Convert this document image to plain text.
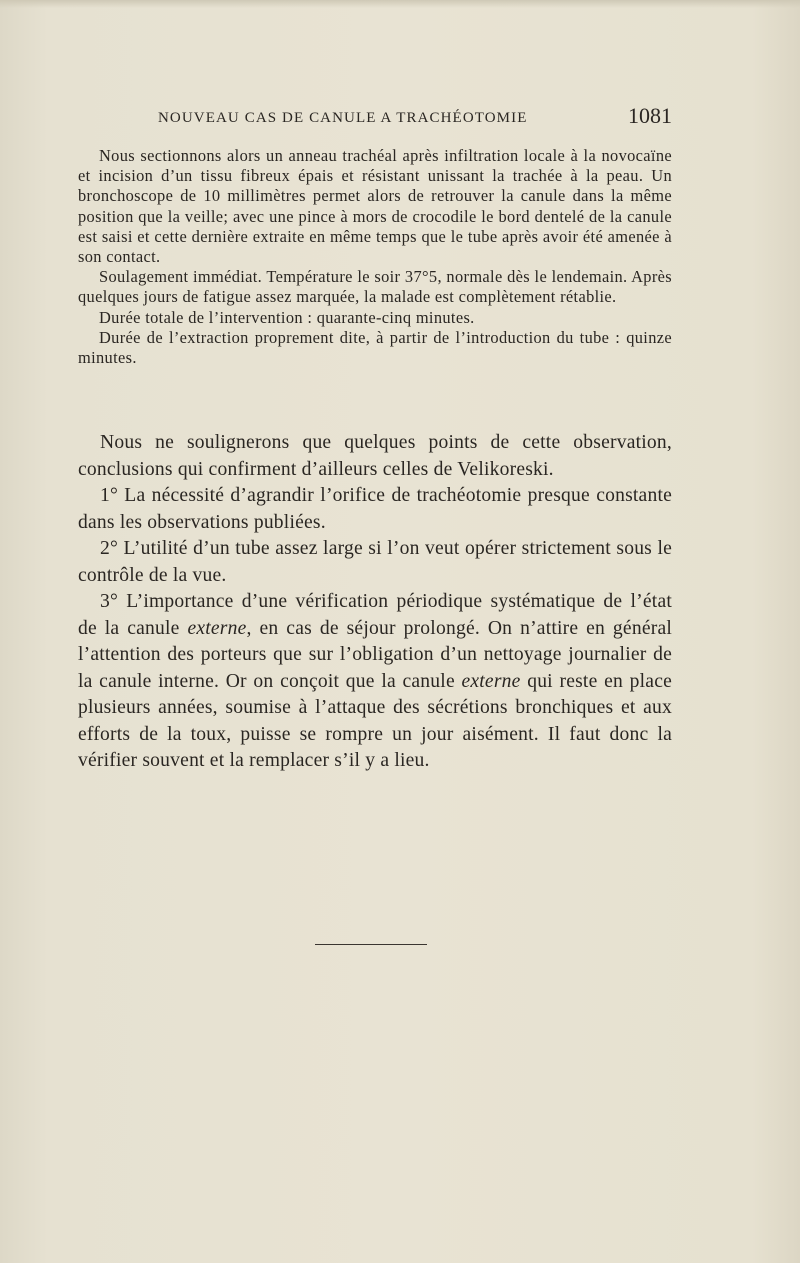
NOUVEAU CAS DE CANULE A TRACHÉOTOMIE	1081

Nous sectionnons alors un anneau trachéal après infiltration locale à la novocaïne et incision d’un tissu fibreux épais et résistant unissant la trachée à la peau. Un bronchoscope de 10 millimètres permet alors de retrouver la canule dans la même position que la veille; avec une pince à mors de crocodile le bord dentelé de la canule est saisi et cette dernière extraite en même temps que le tube après avoir été amenée à son contact.

Soulagement immédiat. Température le soir 37°5, normale dès le lendemain. Après quelques jours de fatigue assez marquée, la malade est complètement rétablie.

Durée totale de l’intervention : quarante-cinq minutes.

Durée de l’extraction proprement dite, à partir de l’introduction du tube : quinze minutes.

Nous ne soulignerons que quelques points de cette observation, conclusions qui confirment d’ailleurs celles de Velikoreski.

1° La nécessité d’agrandir l’orifice de trachéotomie presque constante dans les observations publiées.

2° L’utilité d’un tube assez large si l’on veut opérer strictement sous le contrôle de la vue.

3° L’importance d’une vérification périodique systématique de l’état de la canule externe, en cas de séjour prolongé. On n’attire en général l’attention des porteurs que sur l’obligation d’un nettoyage journalier de la canule interne. Or on conçoit que la canule externe qui reste en place plusieurs années, soumise à l’attaque des sécrétions bronchiques et aux efforts de la toux, puisse se rompre un jour aisément. Il faut donc la vérifier souvent et la remplacer s’il y a lieu.
